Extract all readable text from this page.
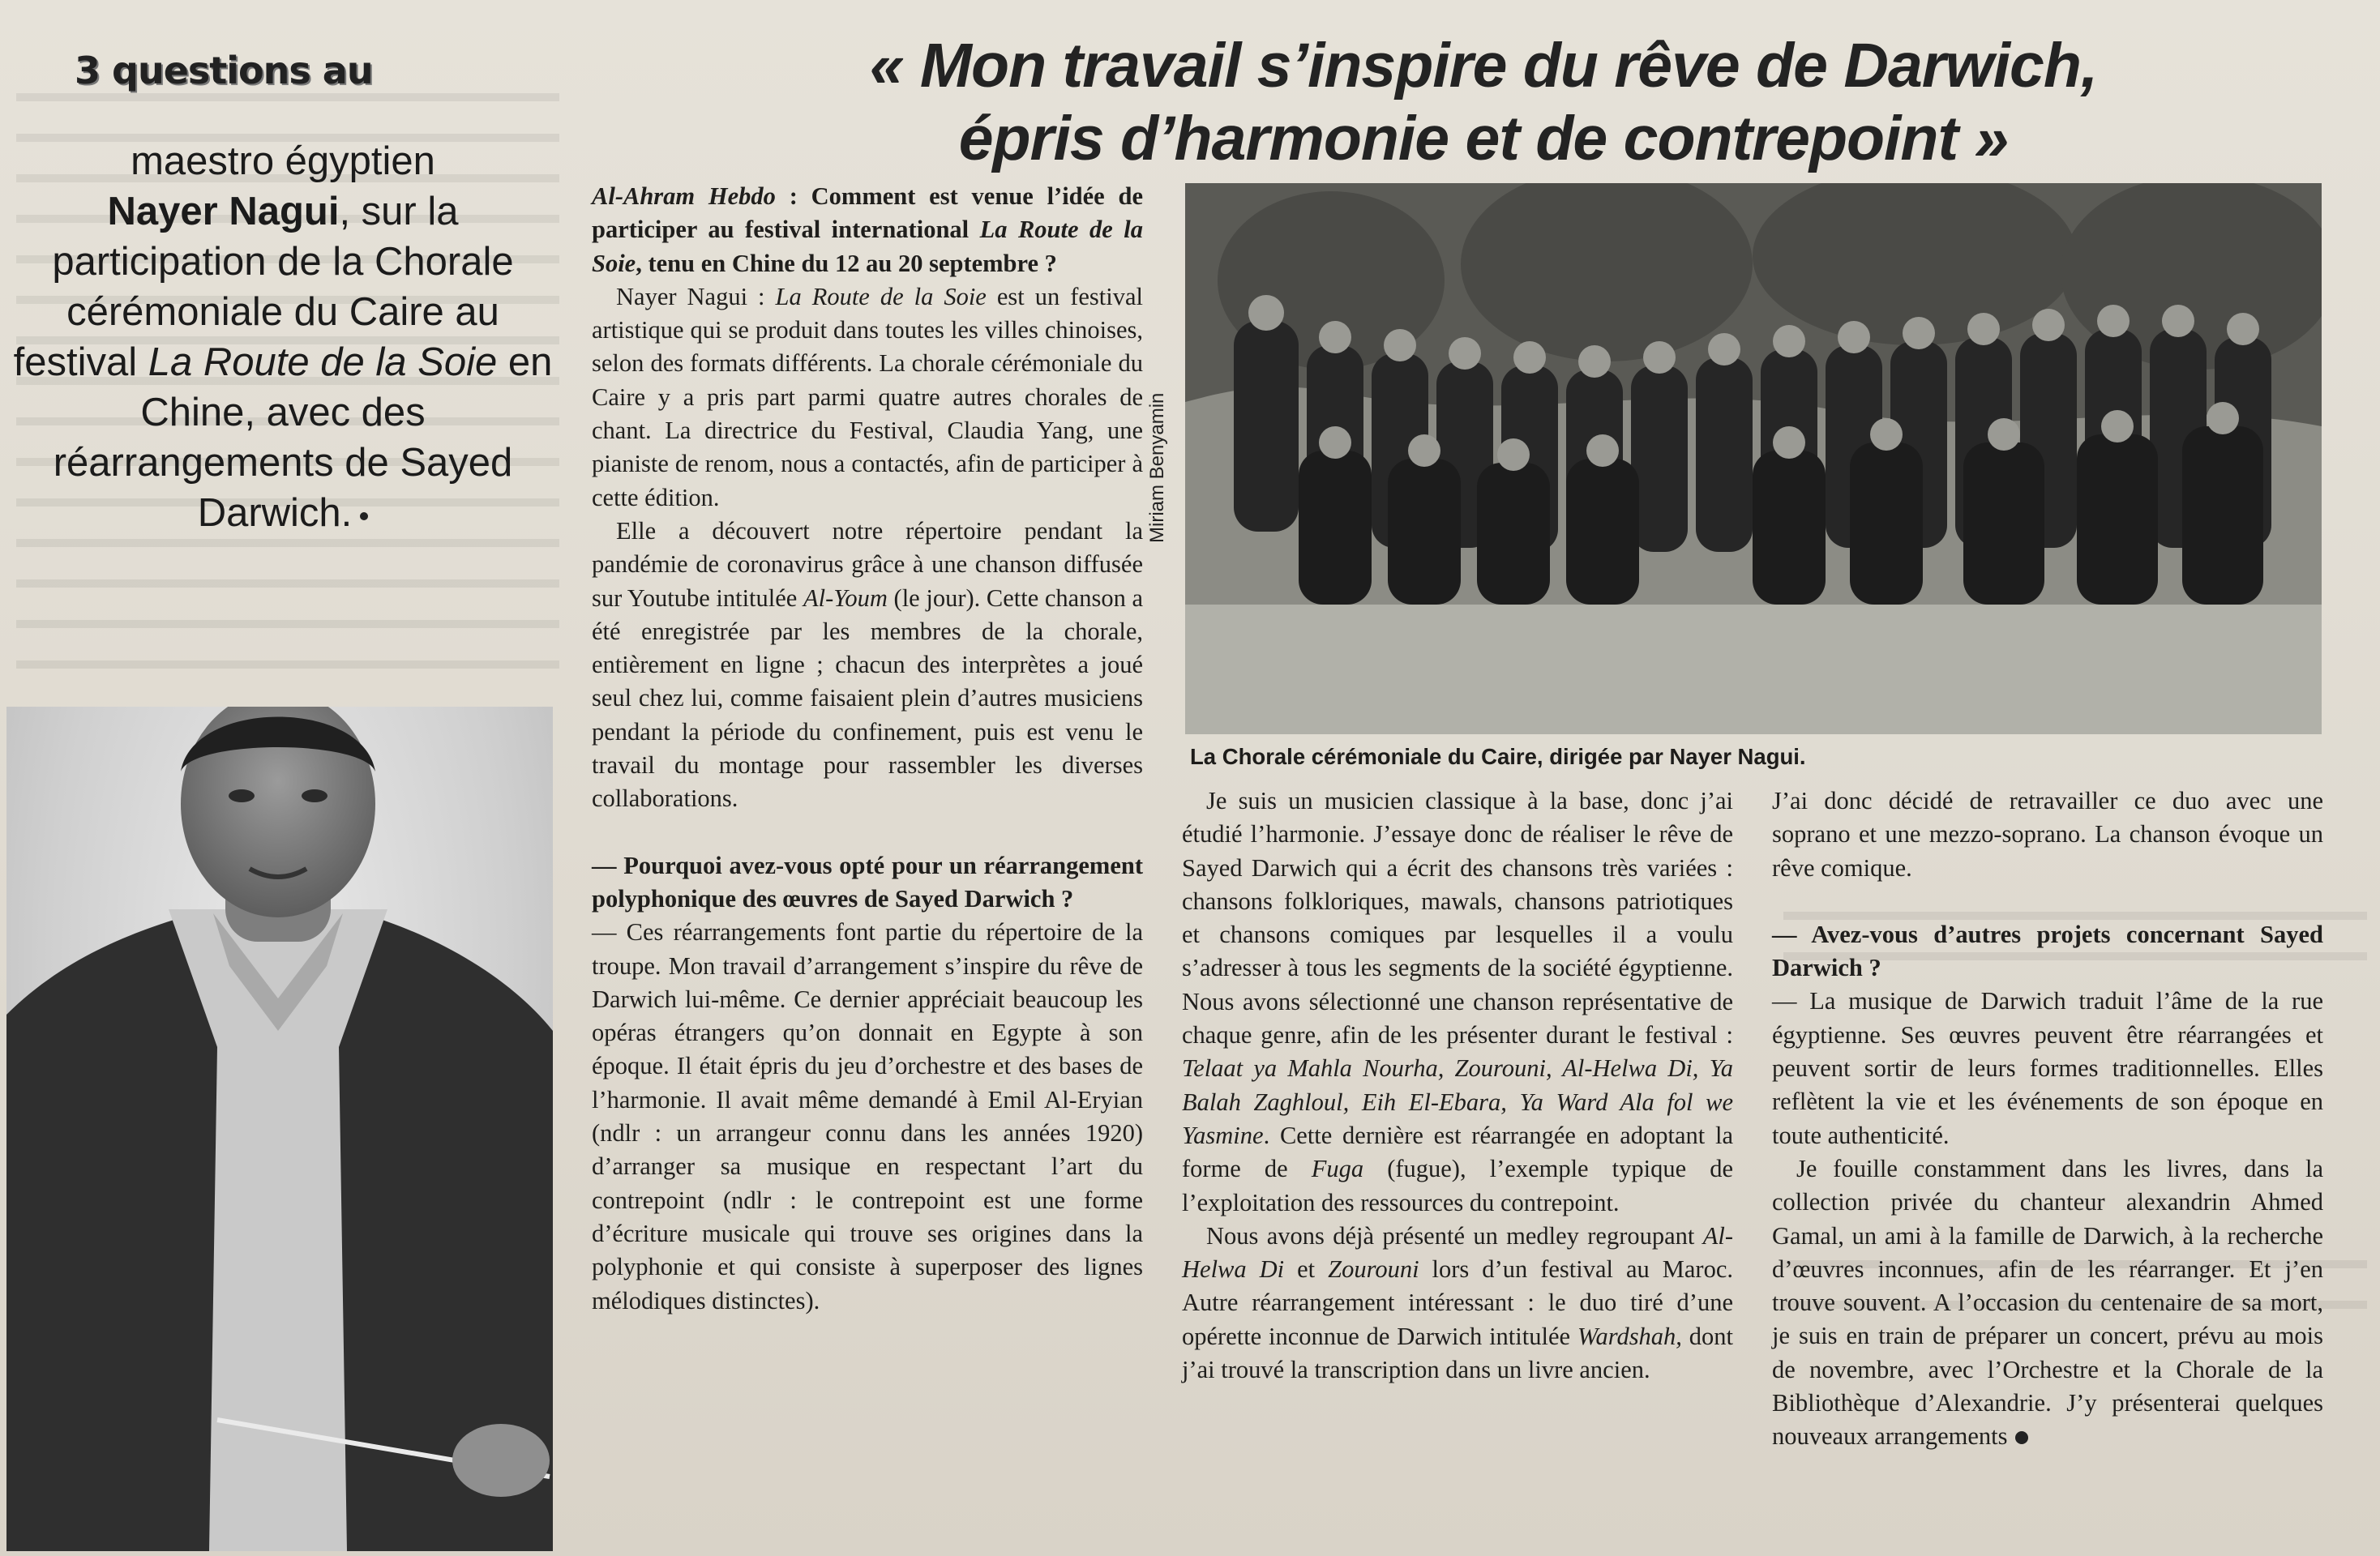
3 questions au
maestro égyptien
Nayer Nagui, sur la participation de la Chorale cérémoniale du Caire au festival La Route de la Soie en Chine, avec des réarrangements de Sayed Darwich.
« Mon travail s’inspire du rêve de Darwich,
épris d’harmonie et de contrepoint »

Al-Ahram Hebdo : Comment est venue l’idée de participer au festival international La Route de la Soie, tenu en Chine du 12 au 20 septembre ?

Nayer Nagui : La Route de la Soie est un festival artistique qui se produit dans toutes les villes chinoises, selon des formats différents. La chorale cérémoniale du Caire y a pris part parmi quatre autres chorales de chant. La directrice du Festival, Claudia Yang, une pianiste de renom, nous a contactés, afin de participer à cette édition.

Elle a découvert notre répertoire pendant la pandémie de coronavirus grâce à une chanson diffusée sur Youtube intitulée Al-Youm (le jour). Cette chanson a été enregistrée par les membres de la chorale, entièrement en ligne ; chacun des interprètes a joué seul chez lui, comme faisaient plein d’autres musiciens pendant la période du confinement, puis est venu le travail du montage pour rassembler les diverses collaborations.

— Pourquoi avez-vous opté pour un réarrangement polyphonique des œuvres de Sayed Darwich ?

— Ces réarrangements font partie du répertoire de la troupe. Mon travail d’arrangement s’inspire du rêve de Darwich lui-même. Ce dernier appréciait beaucoup les opéras étrangers qu’on donnait en Egypte à son époque. Il était épris du jeu d’orchestre et des bases de l’harmonie. Il avait même demandé à Emil Al-Eryian (ndlr : un arrangeur connu dans les années 1920) d’arranger sa musique en respectant l’art du contrepoint (ndlr : le contrepoint est une forme d’écriture musicale qui trouve ses origines dans la polyphonie et qui consiste à superposer des lignes mélodiques distinctes).

Miriam Benyamin
La Chorale cérémoniale du Caire, dirigée par Nayer Nagui.

Je suis un musicien classique à la base, donc j’ai étudié l’harmonie. J’essaye donc de réaliser le rêve de Sayed Darwich qui a écrit des chansons très variées : chansons folkloriques, mawals, chansons patriotiques et chansons comiques par lesquelles il a voulu s’adresser à tous les segments de la société égyptienne. Nous avons sélectionné une chanson représentative de chaque genre, afin de les présenter durant le festival : Telaat ya Mahla Nourha, Zourouni, Al-Helwa Di, Ya Balah Zaghloul, Eih El-Ebara, Ya Ward Ala fol we Yasmine. Cette dernière est réarrangée en adoptant la forme de Fuga (fugue), l’exemple typique de l’exploitation des ressources du contrepoint.

Nous avons déjà présenté un medley regroupant Al-Helwa Di et Zourouni lors d’un festival au Maroc. Autre réarrangement intéressant : le duo tiré d’une opérette inconnue de Darwich intitulée Wardshah, dont j’ai trouvé la transcription dans un livre ancien.

J’ai donc décidé de retravailler ce duo avec une soprano et une mezzo-soprano. La chanson évoque un rêve comique.

— Avez-vous d’autres projets concernant Sayed Darwich ?

— La musique de Darwich traduit l’âme de la rue égyptienne. Ses œuvres peuvent être réarrangées et peuvent sortir de leurs formes traditionnelles. Elles reflètent la vie et les événements de son époque en toute authenticité.

Je fouille constamment dans les livres, dans la collection privée du chanteur alexandrin Ahmed Gamal, un ami à la famille de Darwich, à la recherche d’œuvres inconnues, afin de les réarranger. Et j’en trouve souvent. A l’occasion du centenaire de sa mort, je suis en train de préparer un concert, prévu au mois de novembre, avec l’Orchestre et la Chorale de la Bibliothèque d’Alexandrie. J’y présenterai quelques nouveaux arrangements
